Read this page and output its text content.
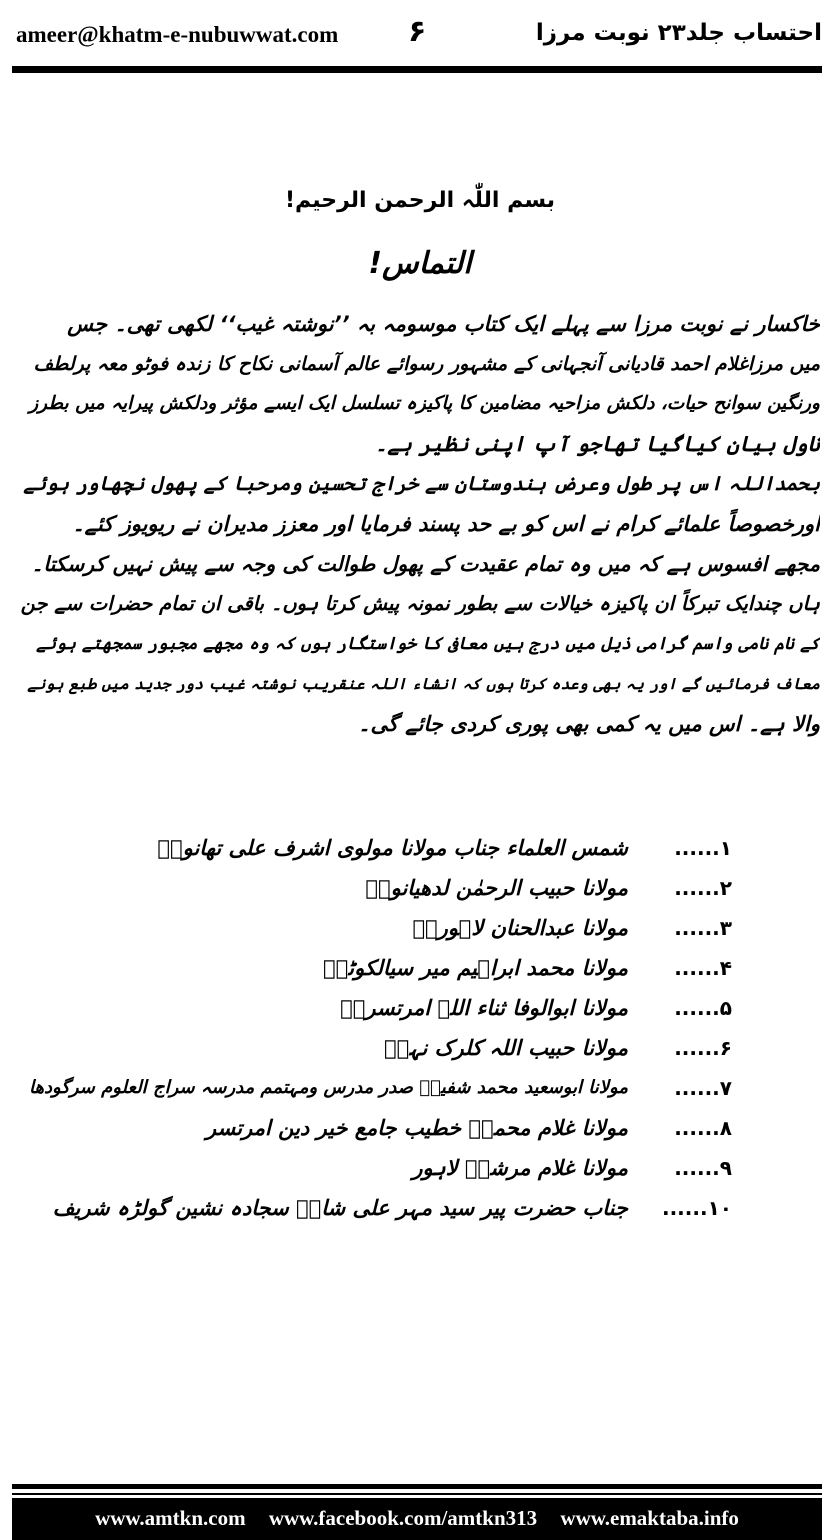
ameer@khatm-e-nubuwwat.com ۶	احتساب جلد۲۳ نوبت مرزا
بسم اللّٰہ الرحمن الرحیم!
التماس!
خاکسار نے نوبت مرزا سے پہلے ایک کتاب موسومہ بہ ’’نوشتہ غیب‘‘ لکھی تھی۔ جس
میں مرزاغلام احمد قادیانی آنجہانی کے مشہور رسوائے عالم آسمانی نکاح کا زندہ فوٹو معہ پرلطف
ورنگین سوانح حیات، دلکش مزاحیہ مضامین کا پاکیزہ تسلسل ایک ایسے مؤثر ودلکش پیرایہ میں بطرز
ناول بیان کیاگیا تھاجو آپ اپنی نظیر ہے۔
بحمداللہ اس پر طول وعرض ہندوستان سے خراج تحسین ومرحبا کے پھول نچھاور ہوئے
اورخصوصاً علمائے کرام نے اس کو بے حد پسند فرمایا اور معزز مدیران نے ریویوز کئے۔
مجھے افسوس ہے کہ میں وہ تمام عقیدت کے پھول طوالت کی وجہ سے پیش نہیں کرسکتا۔
ہاں چندایک تبرکاً ان پاکیزہ خیالات سے بطور نمونہ پیش کرتا ہوں۔ باقی ان تمام حضرات سے جن
کے نام نامی واسم گرامی ذیل میں درج ہیں معافی کا خواستگار ہوں کہ وہ مجھے مجبور سمجھتے ہوئے
معاف فرمائیں گے اور یہ بھی وعدہ کرتا ہوں کہ انشاء اللہ عنقریب نوشتہ غیب دور جدید میں طبع ہونے
والا ہے۔ اس میں یہ کمی بھی پوری کردی جائے گی۔
۱......
شمس العلماء جناب مولانا مولوی اشرف علی تھانویؒ
۲......
مولانا حبیب الرحمٰن لدھیانویؒ
۳......
مولانا عبدالحنان لاہوریؒ
۴......
مولانا محمد ابراہیم میر سیالکوٹیؒ
۵......
مولانا ابوالوفا ثناء اللہ امرتسریؒ
۶......
مولانا حبیب اللہ کلرک نہرؒ
۷......
مولانا ابوسعید محمد شفیعؒ صدر مدرس ومہتمم مدرسہ سراج العلوم سرگودھا
۸......
مولانا غلام محمدؒ خطیب جامع خیر دین امرتسر
۹......
مولانا غلام مرشدؒ لاہور
۱۰......
جناب حضرت پیر سید مہر علی شاہؒ سجادہ نشین گولڑہ شریف
www.amtkn.com www.facebook.com/amtkn313 www.emaktaba.info
